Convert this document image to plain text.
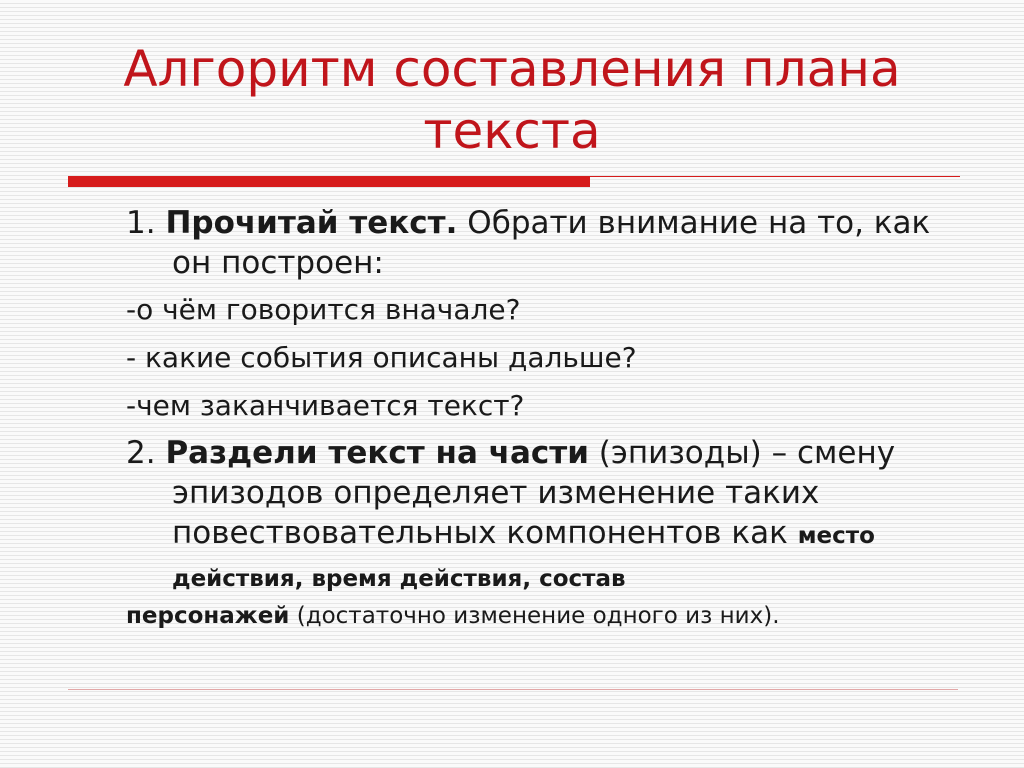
Алгоритм составления плана
текста

1. Прочитай текст. Обрати внимание на то, как он построен:

-о чём говорится вначале?

- какие события описаны дальше?

-чем заканчивается текст?

2. Раздели текст на части (эпизоды) – смену эпизодов определяет изменение таких повествовательных компонентов как место действия, время действия, состав
персонажей (достаточно изменение одного из них).
